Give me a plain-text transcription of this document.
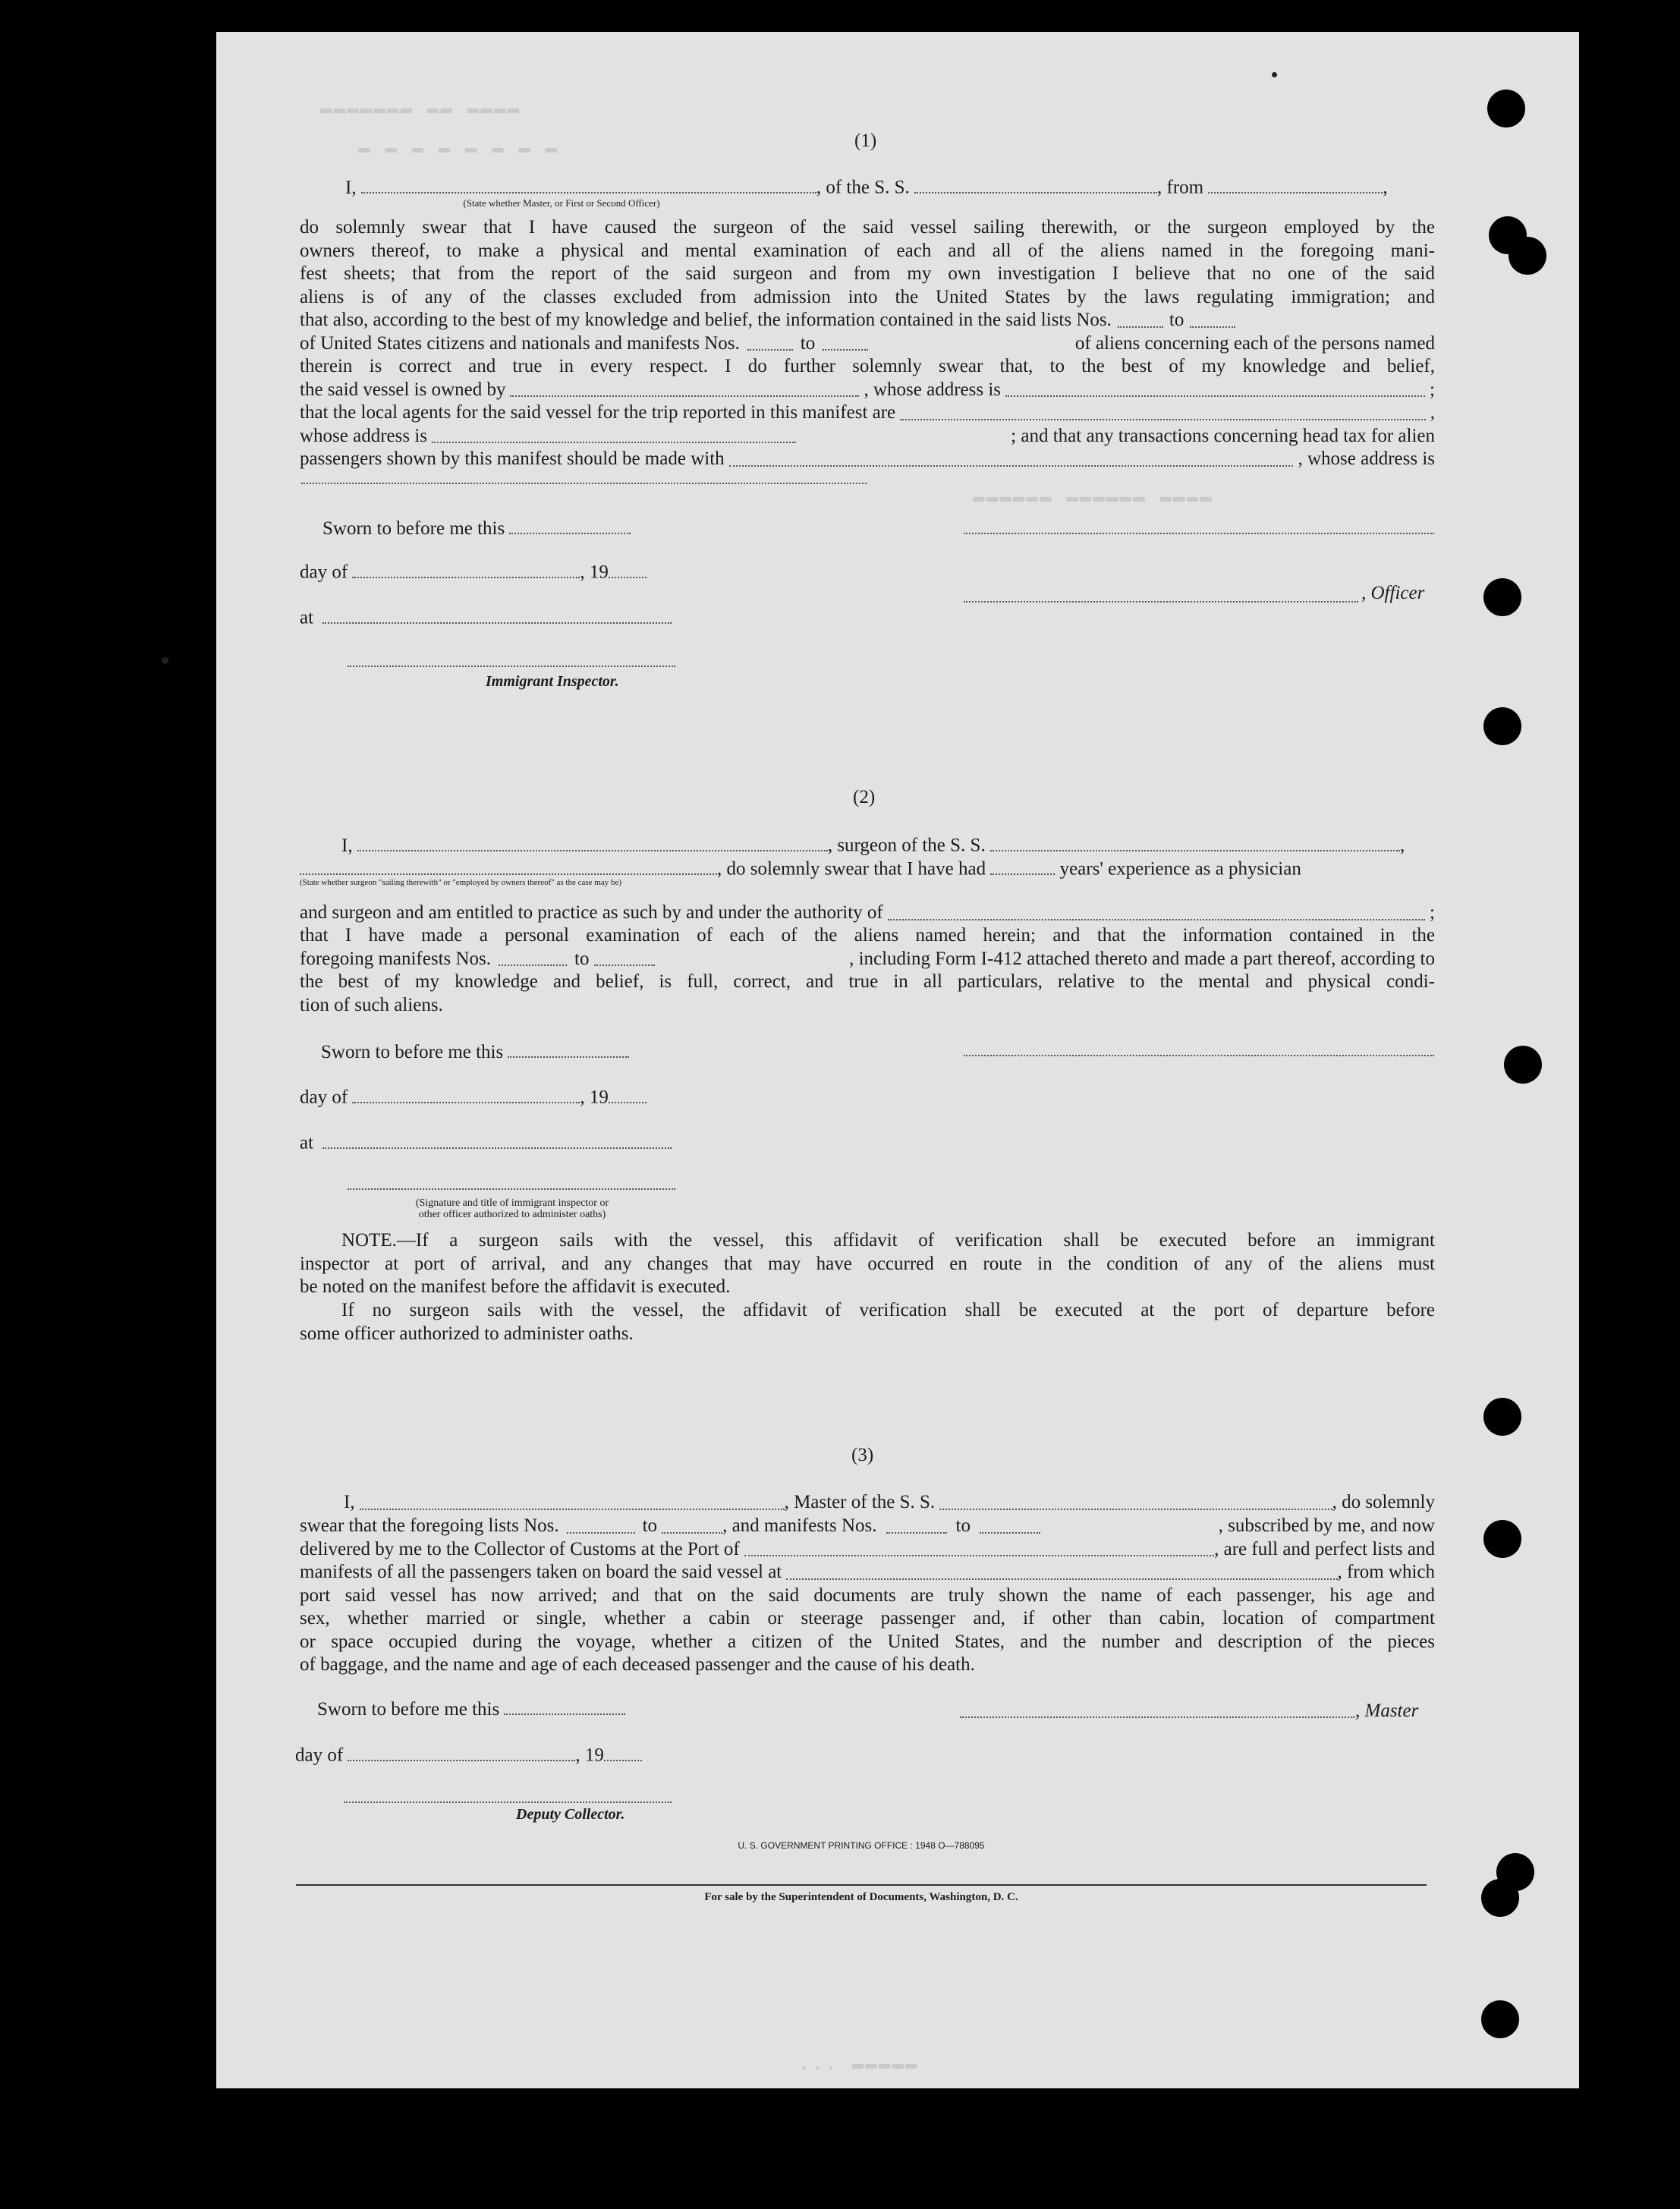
▬▬▬▬ ▬▬ ▬▬▬▬▬▬▬
▬ ▬ ▬ ▬ ▬ ▬ ▬ ▬
▬▬▬▬ ▬▬▬▬▬▬ ▬▬▬▬▬▬
▬▬▬▬▬ ...
(1)
I,	, of the S. S.	, from	,
(State whether Master, or First or Second Officer)
do solemnly swear that I have caused the surgeon of the said vessel sailing therewith, or the surgeon employed by the
owners thereof, to make a physical and mental examination of each and all of the aliens named in the foregoing mani-
fest sheets; that from the report of the said surgeon and from my own investigation I believe that no one of the said
aliens is of any of the classes excluded from admission into the United States by the laws regulating immigration; and
that also, according to the best of my knowledge and belief, the information contained in the said lists Nos.	to
of United States citizens and nationals and manifests Nos.	to	of aliens concerning each of the persons named
therein is correct and true in every respect. I do further solemnly swear that, to the best of my knowledge and belief,
the said vessel is owned by	, whose address is	;
that the local agents for the said vessel for the trip reported in this manifest are	,
whose address is	; and that any transactions concerning head tax for alien
passengers shown by this manifest should be made with	, whose address is
Sworn to before me this
day of	, 19
, Officer
at
Immigrant Inspector.
(2)
I,	, surgeon of the S. S.	,
, do solemnly swear that I have had	years' experience as a physician
(State whether surgeon "sailing therewith" or "employed by owners thereof" as the case may be)
and surgeon and am entitled to practice as such by and under the authority of	;
that I have made a personal examination of each of the aliens named herein; and that the information contained in the
foregoing manifests Nos.	to	, including Form I-412 attached thereto and made a part thereof, according to
the best of my knowledge and belief, is full, correct, and true in all particulars, relative to the mental and physical condi-
tion of such aliens.
Sworn to before me this
day of	, 19
at
(Signature and title of immigrant inspector or
other officer authorized to administer oaths)
NOTE.—If a surgeon sails with the vessel, this affidavit of verification shall be executed before an immigrant
inspector at port of arrival, and any changes that may have occurred en route in the condition of any of the aliens must
be noted on the manifest before the affidavit is executed.
If no surgeon sails with the vessel, the affidavit of verification shall be executed at the port of departure before
some officer authorized to administer oaths.
(3)
I,	, Master of the S. S.	, do solemnly
swear that the foregoing lists Nos.	to	, and manifests Nos.	to	, subscribed by me, and now
delivered by me to the Collector of Customs at the Port of	, are full and perfect lists and
manifests of all the passengers taken on board the said vessel at	, from which
port said vessel has now arrived; and that on the said documents are truly shown the name of each passenger, his age and
sex, whether married or single, whether a cabin or steerage passenger and, if other than cabin, location of compartment
or space occupied during the voyage, whether a citizen of the United States, and the number and description of the pieces
of baggage, and the name and age of each deceased passenger and the cause of his death.
Sworn to before me this	, Master
day of	, 19
Deputy Collector.
U. S. GOVERNMENT PRINTING OFFICE : 1948 O—788095
For sale by the Superintendent of Documents, Washington, D. C.
